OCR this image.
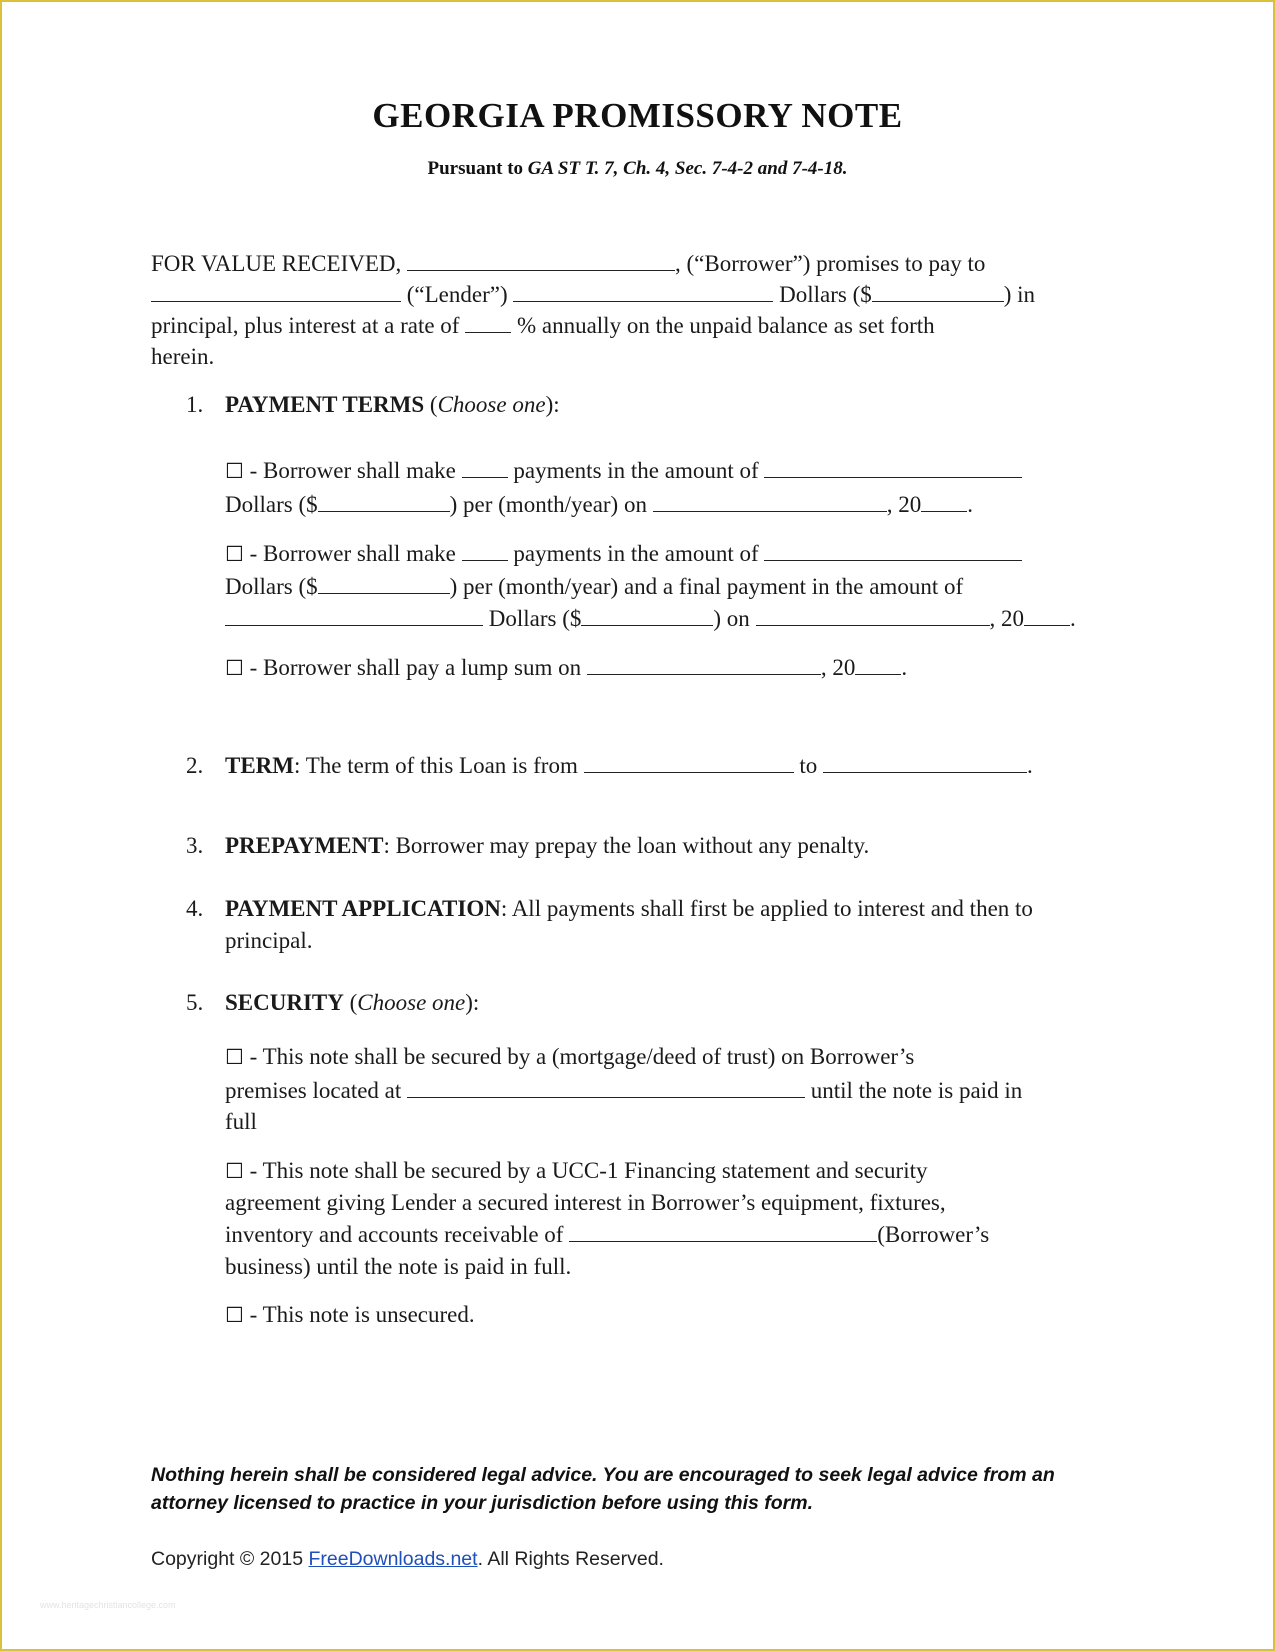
GEORGIA PROMISSORY NOTE
Pursuant to GA ST T. 7, Ch. 4, Sec. 7-4-2 and 7-4-18.
FOR VALUE RECEIVED,	, (“Borrower”) promises to pay to
(“Lender”)	Dollars ($	) in
principal, plus interest at a rate of	% annually on the unpaid balance as set forth
herein.
1. PAYMENT TERMS (Choose one):
☐ - Borrower shall make	payments in the amount of
Dollars ($	) per (month/year) on	, 20 .
☐ - Borrower shall make	payments in the amount of
Dollars ($	) per (month/year) and a final payment in the amount of
Dollars ($	) on	, 20 .
☐ - Borrower shall pay a lump sum on	, 20 .
2. TERM: The term of this Loan is from	to	.
3. PREPAYMENT: Borrower may prepay the loan without any penalty.
4. PAYMENT APPLICATION: All payments shall first be applied to interest and then to
principal.
5. SECURITY (Choose one):
☐ - This note shall be secured by a (mortgage/deed of trust) on Borrower’s
premises located at	until the note is paid in
full
☐ - This note shall be secured by a UCC-1 Financing statement and security
agreement giving Lender a secured interest in Borrower’s equipment, fixtures,
inventory and accounts receivable of	(Borrower’s
business) until the note is paid in full.
☐ - This note is unsecured.
Nothing herein shall be considered legal advice. You are encouraged to seek legal advice from an
attorney licensed to practice in your jurisdiction before using this form.
Copyright © 2015 FreeDownloads.net. All Rights Reserved.
www.heritagechristiancollege.com
